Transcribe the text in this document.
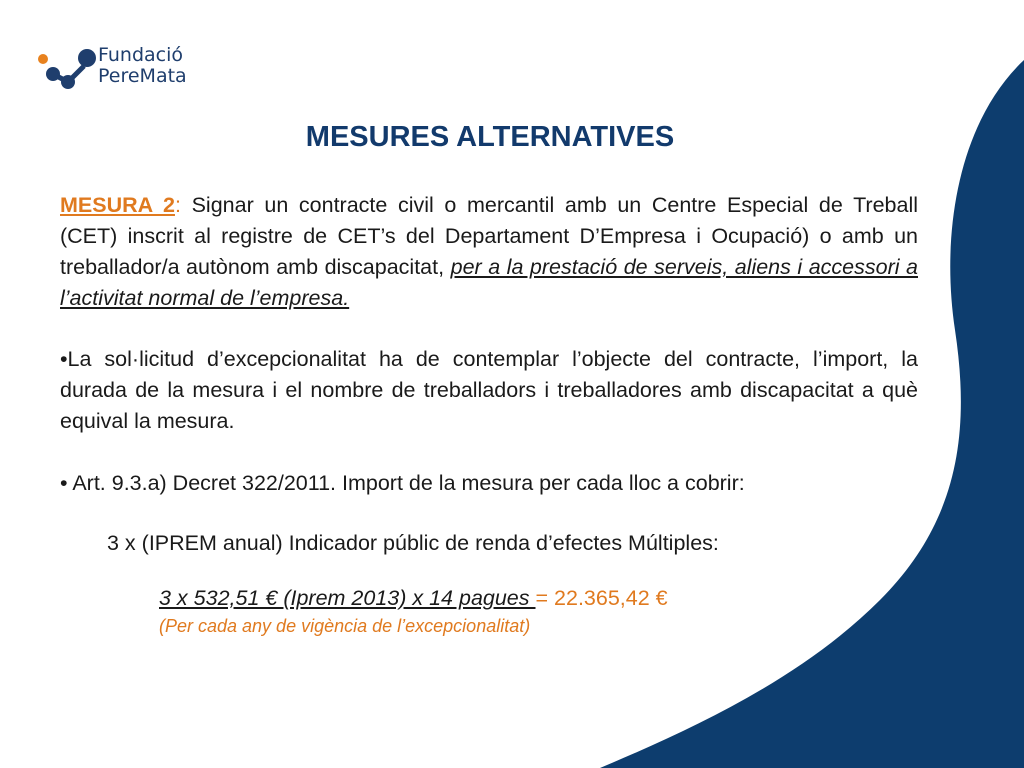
Fundació
PereMata
MESURES ALTERNATIVES
MESURA 2: Signar un contracte civil o mercantil amb un Centre Especial de Treball (CET) inscrit al registre de CET’s del Departament D’Empresa i Ocupació) o amb un treballador/a autònom amb discapacitat, per a la prestació de serveis, aliens i accessori a l’activitat normal de l’empresa.
•La sol·licitud d’excepcionalitat ha de contemplar l’objecte del contracte, l’import, la durada de la mesura i el nombre de treballadors i treballadores amb discapacitat a què equival la mesura.
• Art. 9.3.a) Decret 322/2011. Import de la mesura per cada lloc a cobrir:
3 x (IPREM anual) Indicador públic de renda d’efectes Múltiples:
3 x 532,51 € (Iprem 2013) x 14 pagues = 22.365,42 €
(Per cada any de vigència de l’excepcionalitat)
